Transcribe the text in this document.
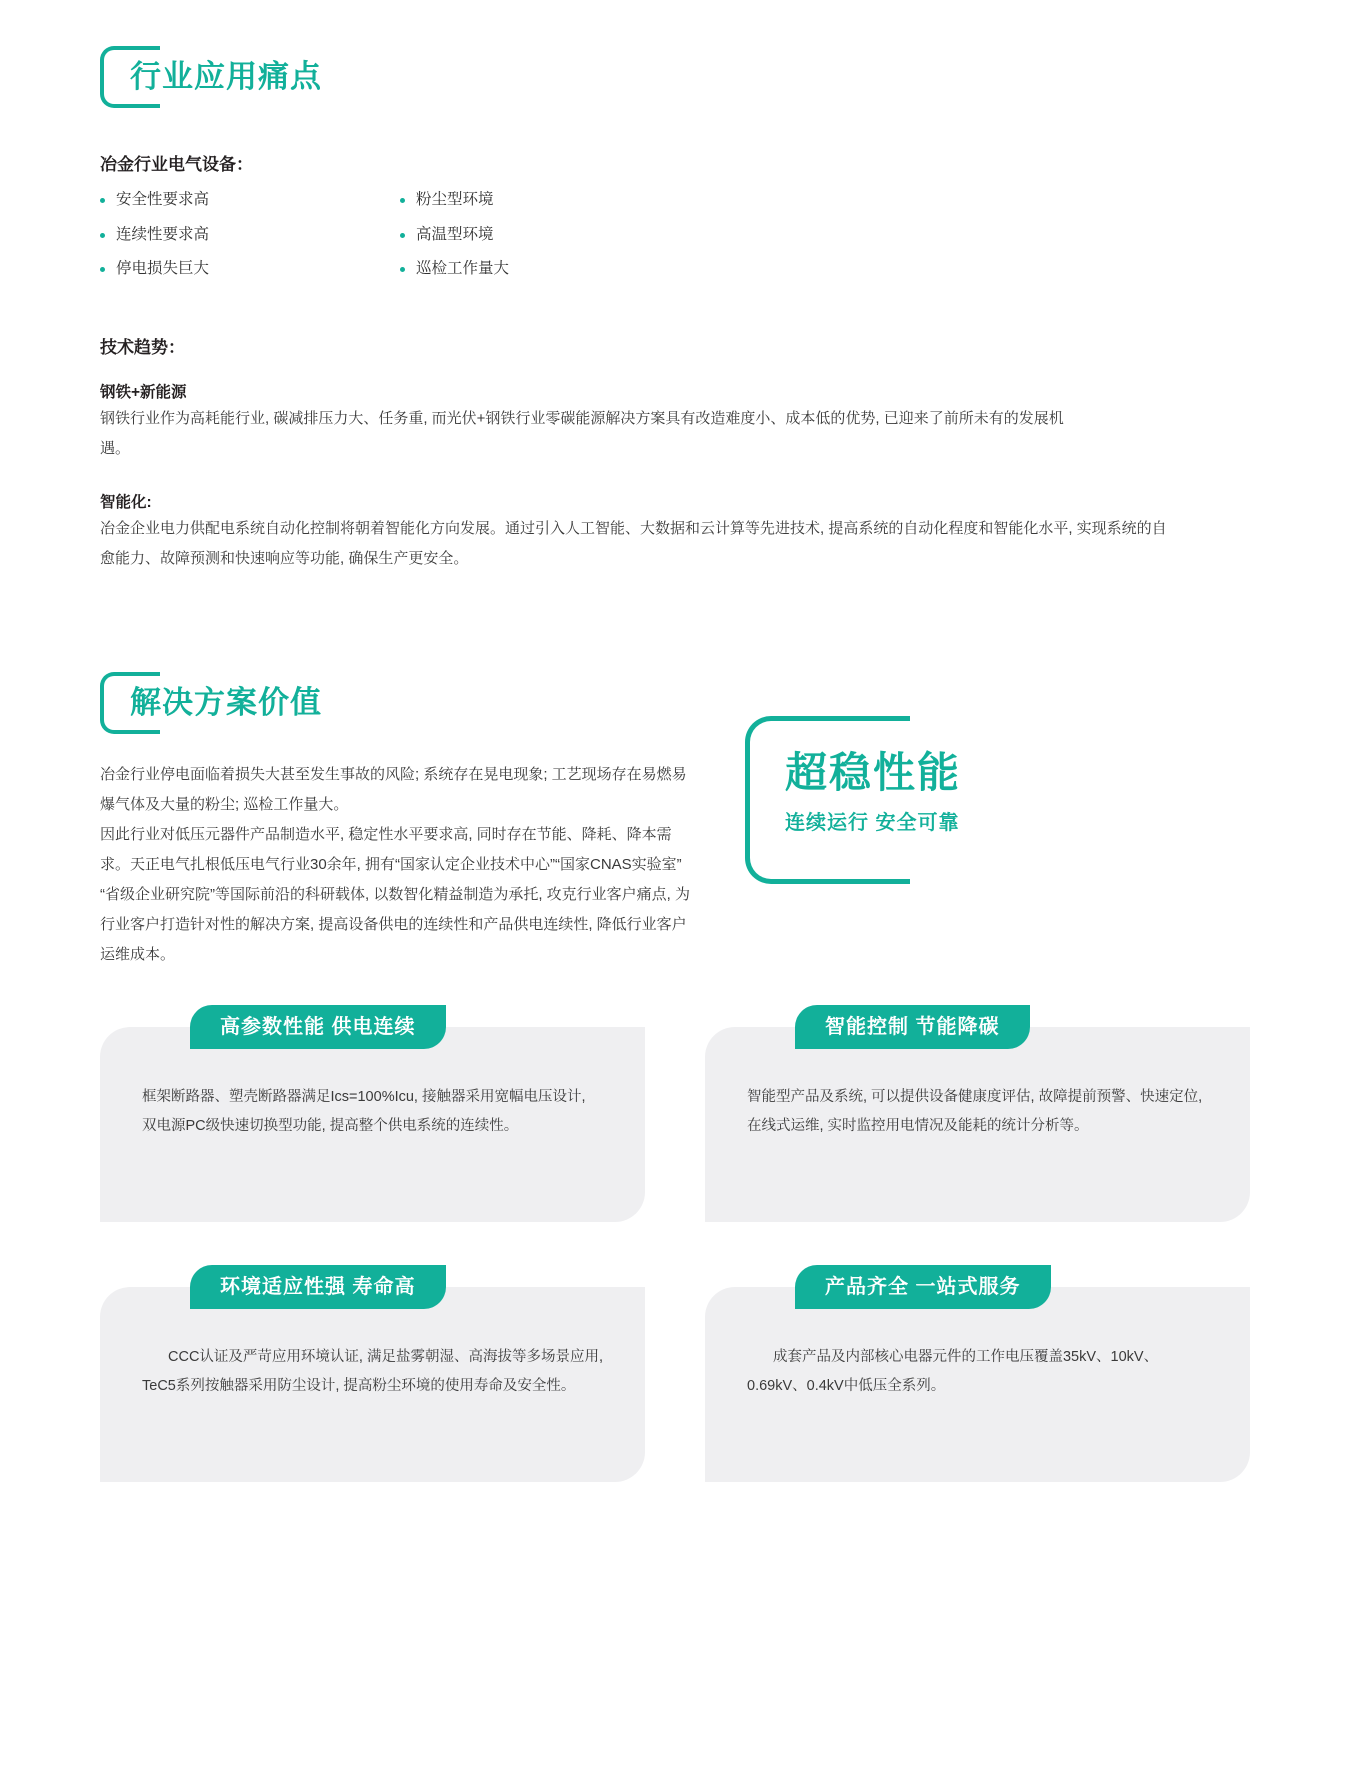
行业应用痛点

冶金行业电气设备：

安全性要求高
连续性要求高
停电损失巨大
粉尘型环境
高温型环境
巡检工作量大

技术趋势：

钢铁+新能源

钢铁行业作为高耗能行业, 碳减排压力大、任务重, 而光伏+钢铁行业零碳能源解决方案具有改造难度小、成本低的优势, 已迎来了前所未有的发展机遇。

智能化:

冶金企业电力供配电系统自动化控制将朝着智能化方向发展。通过引入人工智能、大数据和云计算等先进技术, 提高系统的自动化程度和智能化水平, 实现系统的自愈能力、故障预测和快速响应等功能, 确保生产更安全。

解决方案价值

冶金行业停电面临着损失大甚至发生事故的风险; 系统存在晃电现象; 工艺现场存在易燃易爆气体及大量的粉尘; 巡检工作量大。

因此行业对低压元器件产品制造水平, 稳定性水平要求高, 同时存在节能、降耗、降本需求。天正电气扎根低压电气行业30余年, 拥有“国家认定企业技术中心”“国家CNAS实验室”“省级企业研究院”等国际前沿的科研载体, 以数智化精益制造为承托, 攻克行业客户痛点, 为行业客户打造针对性的解决方案, 提高设备供电的连续性和产品供电连续性, 降低行业客户运维成本。

超稳性能
连续运行 安全可靠
高参数性能 供电连续
框架断路器、塑壳断路器满足Ics=100%Icu, 接触器采用宽幅电压设计, 双电源PC级快速切换型功能, 提高整个供电系统的连续性。
智能控制 节能降碳
智能型产品及系统, 可以提供设备健康度评估, 故障提前预警、快速定位, 在线式运维, 实时监控用电情况及能耗的统计分析等。
环境适应性强 寿命高
CCC认证及严苛应用环境认证, 满足盐雾朝湿、高海拔等多场景应用, TeC5系列按触器采用防尘设计, 提高粉尘环境的使用寿命及安全性。
产品齐全 一站式服务
成套产品及内部核心电器元件的工作电压覆盖35kV、10kV、0.69kV、0.4kV中低压全系列。
